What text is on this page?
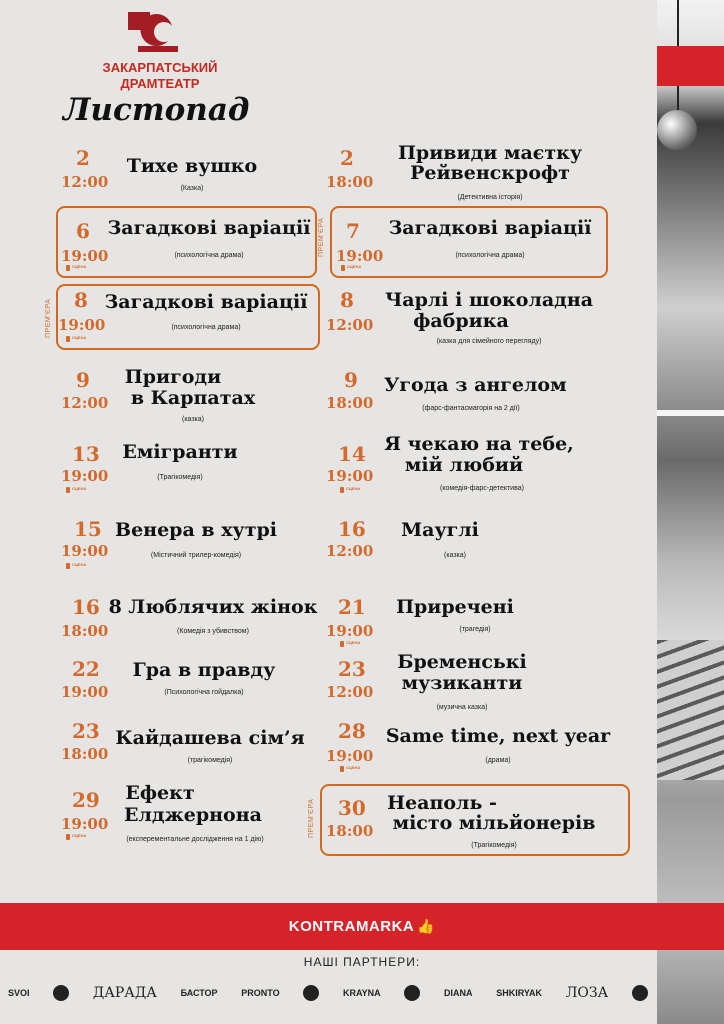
ЗАКАРПАТСЬКИЙ
ДРАМТЕАТР
Листопад
ПРЕМ'ЄРА
ПРЕМ'ЄРА
ПРЕМ'ЄРА
2
12:00
Тихе вушко
(Казка)
2
18:00
Привиди маєтку
Рейвенскрофт
(Детективна історія)
6
19:00
СЦЕНА
Загадкові варіації
(психологічна драма)
7
19:00
СЦЕНА
Загадкові варіації
(психологічна драма)
8
19:00
СЦЕНА
Загадкові варіації
(психологічна драма)
8
12:00
Чарлі і шоколадна
фабрика
(казка для сімейного перегляду)
9
12:00
Пригоди
в Карпатах
(казка)
9
18:00
Угода з ангелом
(фарс-фантасмагорія на 2 дії)
13
19:00
СЦЕНА
Емігранти
(Трагікомедія)
14
19:00
СЦЕНА
Я чекаю на тебе,
мій любий
(комедія-фарс-детектива)
15
19:00
СЦЕНА
Венера в хутрі
(Містичний трилер-комедія)
16
12:00
Мауглі
(казка)
16
18:00
8 Люблячих жінок
(Комедія з убивством)
21
19:00
СЦЕНА
Приречені
(трагедія)
22
19:00
Гра в правду
(Психологічна гойдалка)
23
12:00
Бременські
музиканти
(музична казка)
23
18:00
Кайдашева сім’я
(трагікомедія)
28
19:00
СЦЕНА
Same time, next year
(драма)
29
19:00
СЦЕНА
Ефект
Елджернона
(експерементальне дослідження на 1 дію)
30
18:00
Неаполь -
місто мільйонерів
(Трагікомедія)
KONTRAMARKA 👍
НАШІ ПАРТНЕРИ:
SVOI	ДАРАДА	БАСТОР	PRONTO	KRAYNA	DIANA	SHKIRYAK ЛОЗА
